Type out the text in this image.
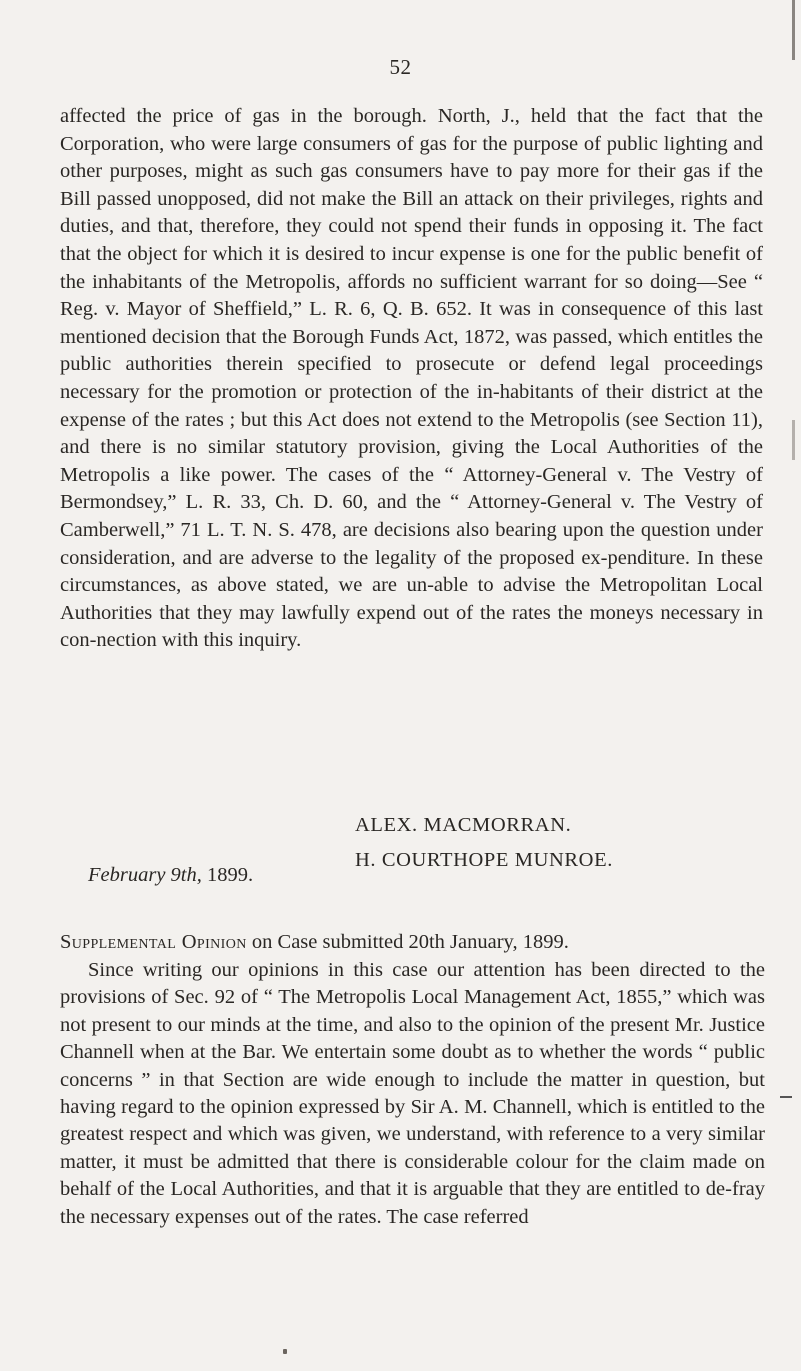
52

affected the price of gas in the borough. North, J., held that the fact that the Corporation, who were large consumers of gas for the purpose of public lighting and other purposes, might as such gas consumers have to pay more for their gas if the Bill passed unopposed, did not make the Bill an attack on their privileges, rights and duties, and that, therefore, they could not spend their funds in opposing it. The fact that the object for which it is desired to incur expense is one for the public benefit of the inhabitants of the Metropolis, affords no sufficient warrant for so doing—See “ Reg. v. Mayor of Sheffield,” L. R. 6, Q. B. 652. It was in consequence of this last mentioned decision that the Borough Funds Act, 1872, was passed, which entitles the public authorities therein specified to prosecute or defend legal proceedings necessary for the promotion or protection of the in-habitants of their district at the expense of the rates ; but this Act does not extend to the Metropolis (see Section 11), and there is no similar statutory provision, giving the Local Authorities of the Metropolis a like power. The cases of the “ Attorney-General v. The Vestry of Bermondsey,” L. R. 33, Ch. D. 60, and the “ Attorney-General v. The Vestry of Camberwell,” 71 L. T. N. S. 478, are decisions also bearing upon the question under consideration, and are adverse to the legality of the proposed ex-penditure. In these circumstances, as above stated, we are un-able to advise the Metropolitan Local Authorities that they may lawfully expend out of the rates the moneys necessary in con-nection with this inquiry.

ALEX. MACMORRAN.
H. COURTHOPE MUNROE.
February 9th, 1899.
Supplemental Opinion on Case submitted 20th January, 1899.

Since writing our opinions in this case our attention has been directed to the provisions of Sec. 92 of “ The Metropolis Local Management Act, 1855,” which was not present to our minds at the time, and also to the opinion of the present Mr. Justice Channell when at the Bar. We entertain some doubt as to whether the words “ public concerns ” in that Section are wide enough to include the matter in question, but having regard to the opinion expressed by Sir A. M. Channell, which is entitled to the greatest respect and which was given, we understand, with reference to a very similar matter, it must be admitted that there is considerable colour for the claim made on behalf of the Local Authorities, and that it is arguable that they are entitled to de-fray the necessary expenses out of the rates. The case referred
